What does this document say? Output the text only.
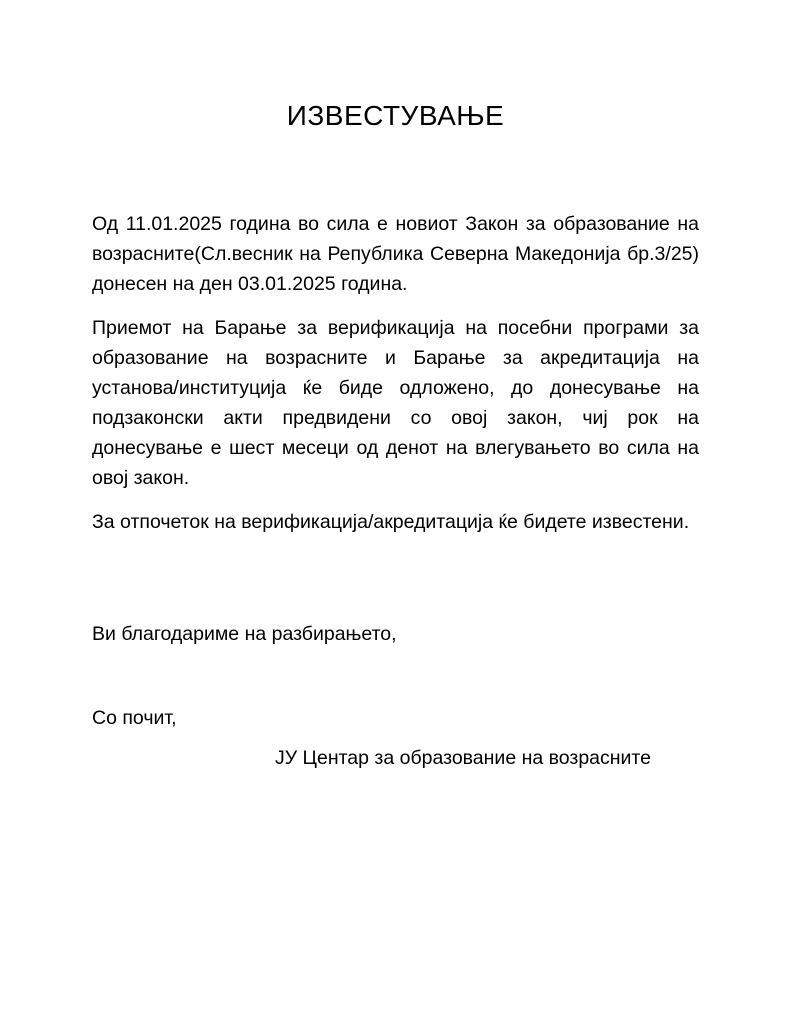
ИЗВЕСТУВАЊЕ

Од 11.01.2025 година во сила е новиот Закон за образование на возрасните(Сл.весник на Република Северна Македонија бр.3/25) донесен на ден 03.01.2025 година.

Приемот на Барање за верификација на посебни програми за образование на возрасните и Барање за акредитација на установа/институција ќе биде одложено, до донесување на подзаконски акти предвидени со овој закон, чиј рок на донесување е шест месеци од денот на влегувањето во сила на овој закон.

За отпочеток на верификација/акредитација ќе бидете известени.

Ви благодариме на разбирањето,

Со почит,

ЈУ Центар за образование на возрасните
